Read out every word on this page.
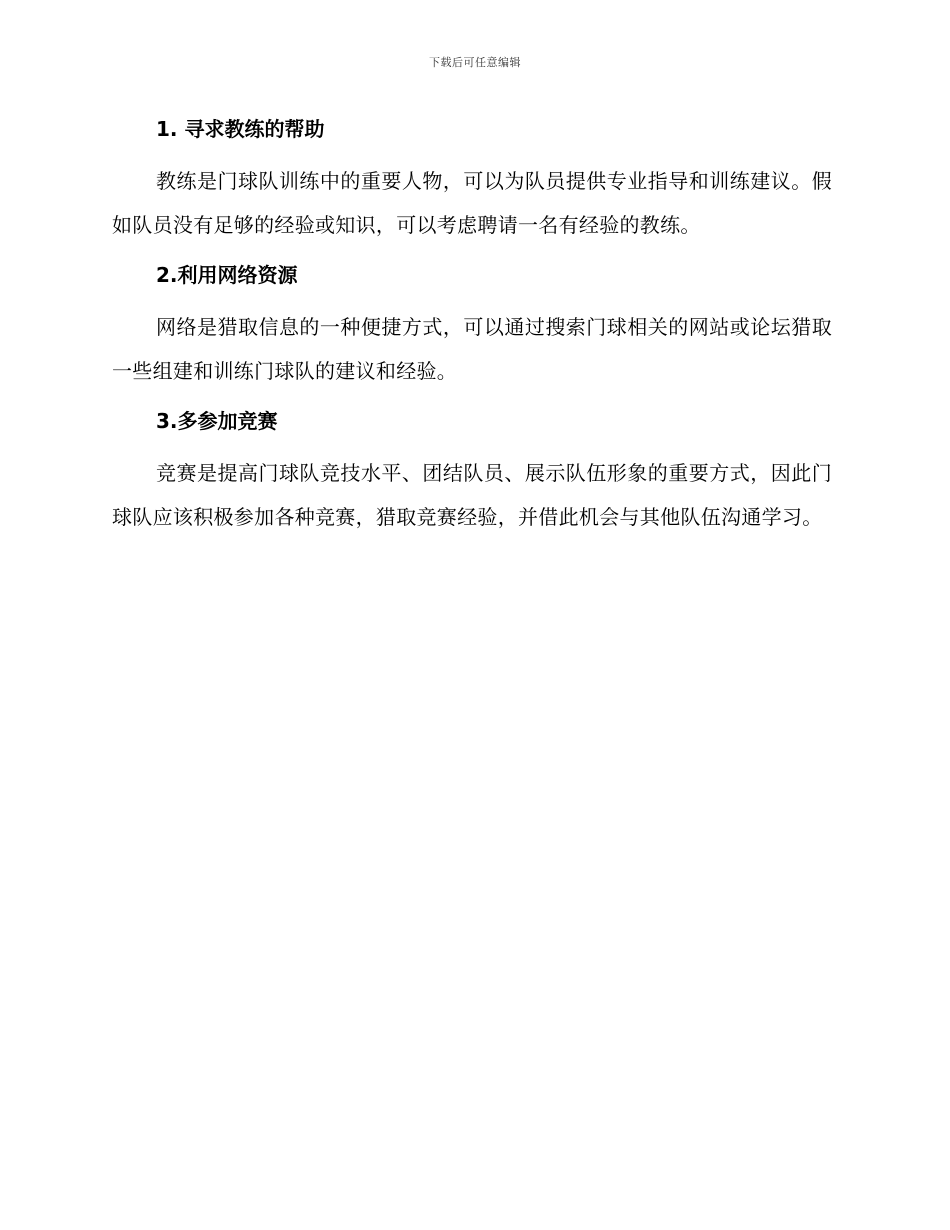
下载后可任意编辑

1. 寻求教练的帮助

教练是门球队训练中的重要人物，可以为队员提供专业指导和训练建议。假如队员没有足够的经验或知识，可以考虑聘请一名有经验的教练。

2.利用网络资源

网络是猎取信息的一种便捷方式，可以通过搜索门球相关的网站或论坛猎取一些组建和训练门球队的建议和经验。

3.多参加竞赛

竞赛是提高门球队竞技水平、团结队员、展示队伍形象的重要方式，因此门球队应该积极参加各种竞赛，猎取竞赛经验，并借此机会与其他队伍沟通学习。
